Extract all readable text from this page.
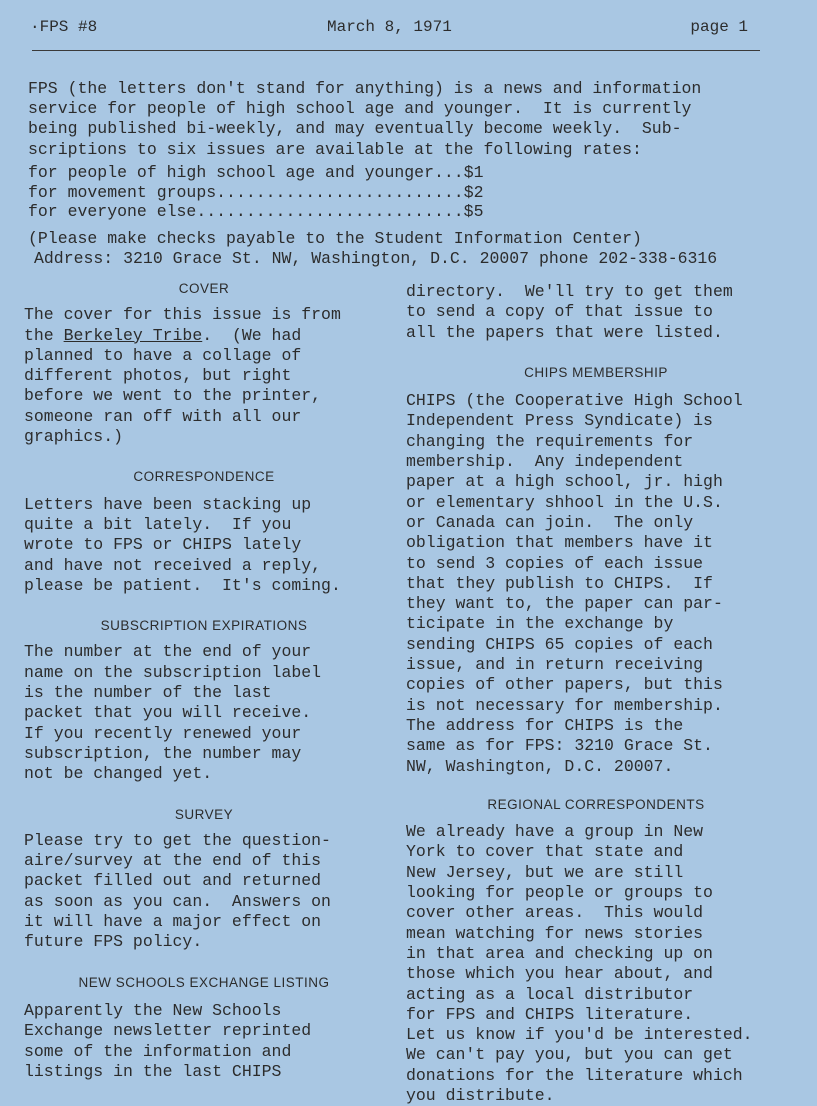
·FPS #8	March 8, 1971	page 1

FPS (the letters don't stand for anything) is a news and information

service for people of high school age and younger.  It is currently

being published bi-weekly, and may eventually become weekly.  Sub-

scriptions to six issues are available at the following rates:

for people of high school age and younger...$1
for movement groups.........................$2
for everyone else...........................$5
(Please make checks payable to the Student Information Center)
Address: 3210 Grace St. NW, Washington, D.C. 20007 phone 202-338-6316
COVER
The cover for this issue is from
the Berkeley Tribe.  (We had
planned to have a collage of
different photos, but right
before we went to the printer,
someone ran off with all our
graphics.)
CORRESPONDENCE
Letters have been stacking up
quite a bit lately.  If you
wrote to FPS or CHIPS lately
and have not received a reply,
please be patient.  It's coming.
SUBSCRIPTION EXPIRATIONS
The number at the end of your
name on the subscription label
is the number of the last
packet that you will receive.
If you recently renewed your
subscription, the number may
not be changed yet.
SURVEY
Please try to get the question-
aire/survey at the end of this
packet filled out and returned
as soon as you can.  Answers on
it will have a major effect on
future FPS policy.
NEW SCHOOLS EXCHANGE LISTING
Apparently the New Schools
Exchange newsletter reprinted
some of the information and
listings in the last CHIPS
directory.  We'll try to get them
to send a copy of that issue to
all the papers that were listed.
CHIPS MEMBERSHIP
CHIPS (the Cooperative High School
Independent Press Syndicate) is
changing the requirements for
membership.  Any independent
paper at a high school, jr. high
or elementary shhool in the U.S.
or Canada can join.  The only
obligation that members have it
to send 3 copies of each issue
that they publish to CHIPS.  If
they want to, the paper can par-
ticipate in the exchange by
sending CHIPS 65 copies of each
issue, and in return receiving
copies of other papers, but this
is not necessary for membership.
The address for CHIPS is the
same as for FPS: 3210 Grace St.
NW, Washington, D.C. 20007.
REGIONAL CORRESPONDENTS
We already have a group in New
York to cover that state and
New Jersey, but we are still
looking for people or groups to
cover other areas.  This would
mean watching for news stories
in that area and checking up on
those which you hear about, and
acting as a local distributor
for FPS and CHIPS literature.
Let us know if you'd be interested.
We can't pay you, but you can get
donations for the literature which
you distribute.
